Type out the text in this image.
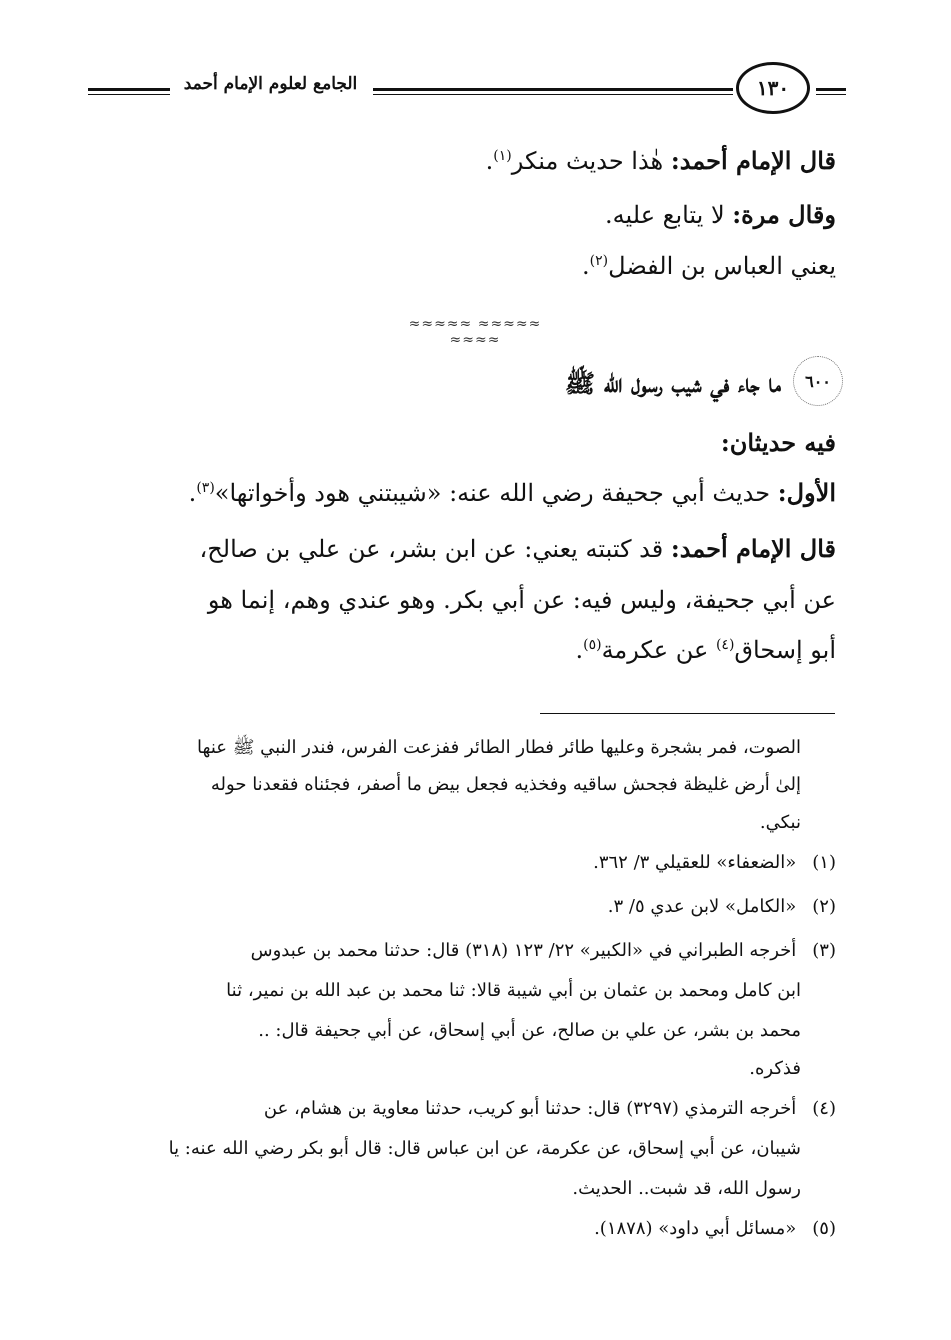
الجامع لعلوم الإمام أحمد	١٣٠
قال الإمام أحمد: هٰذا حديث منكر$^{(١)}$.
وقال مرة: لا يتابع عليه.
يعني العباس بن الفضل$^{(٢)}$.
≈≈≈≈≈ ≈≈≈≈≈ ≈≈≈≈
٦٠٠
ما جاء في شيب رسول الله ﷺ
فيه حديثان:
الأول: حديث أبي جحيفة رضي الله عنه: «شيبتني هود وأخواتها»$^{(٣)}$.
قال الإمام أحمد: قد كتبته يعني: عن ابن بشر، عن علي بن صالح،
عن أبي جحيفة، وليس فيه: عن أبي بكر. وهو عندي وهم، إنما هو
أبو إسحاق$^{(٤)}$ عن عكرمة$^{(٥)}$.
الصوت، فمر بشجرة وعليها طائر فطار الطائر ففزعت الفرس، فندر النبي ﷺ عنها
إلىٰ أرض غليظة فجحش ساقيه وفخذيه فجعل بيض ما أصفر، فجئناه فقعدنا حوله
نبكي.
(١) «الضعفاء» للعقيلي ٣/ ٣٦٢.
(٢) «الكامل» لابن عدي ٥/ ٣.
(٣) أخرجه الطبراني في «الكبير» ٢٢/ ١٢٣ (٣١٨) قال: حدثنا محمد بن عبدوس
ابن كامل ومحمد بن عثمان بن أبي شيبة قالا: ثنا محمد بن عبد الله بن نمير، ثنا
محمد بن بشر، عن علي بن صالح، عن أبي إسحاق، عن أبي جحيفة قال: ..
فذكره.
(٤) أخرجه الترمذي (٣٢٩٧) قال: حدثنا أبو كريب، حدثنا معاوية بن هشام، عن
شيبان، عن أبي إسحاق، عن عكرمة، عن ابن عباس قال: قال أبو بكر رضي الله عنه: يا
رسول الله، قد شبت.. الحديث.
(٥) «مسائل أبي داود» (١٨٧٨).
